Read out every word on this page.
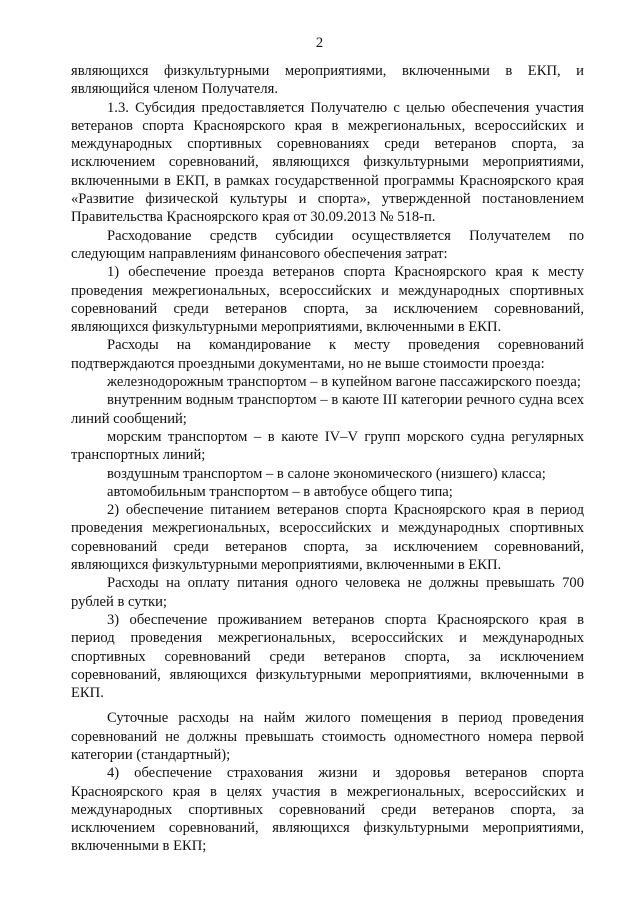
2

являющихся физкультурными мероприятиями, включенными в ЕКП, и являющийся членом Получателя.

1.3. Субсидия предоставляется Получателю с целью обеспечения участия ветеранов спорта Красноярского края в межрегиональных, всероссийских и международных спортивных соревнованиях среди ветеранов спорта, за исключением соревнований, являющихся физкультурными мероприятиями, включенными в ЕКП, в рамках государственной программы Красноярского края «Развитие физической культуры и спорта», утвержденной постановлением Правительства Красноярского края от 30.09.2013 № 518-п.

Расходование средств субсидии осуществляется Получателем по следующим направлениям финансового обеспечения затрат:

1) обеспечение проезда ветеранов спорта Красноярского края к месту проведения межрегиональных, всероссийских и международных спортивных соревнований среди ветеранов спорта, за исключением соревнований, являющихся физкультурными мероприятиями, включенными в ЕКП.

Расходы на командирование к месту проведения соревнований подтверждаются проездными документами, но не выше стоимости проезда:

железнодорожным транспортом – в купейном вагоне пассажирского поезда;

внутренним водным транспортом – в каюте III категории речного судна всех линий сообщений;

морским транспортом – в каюте IV–V групп морского судна регулярных транспортных линий;

воздушным транспортом – в салоне экономического (низшего) класса;

автомобильным транспортом – в автобусе общего типа;

2) обеспечение питанием ветеранов спорта Красноярского края в период проведения межрегиональных, всероссийских и международных спортивных соревнований среди ветеранов спорта, за исключением соревнований, являющихся физкультурными мероприятиями, включенными в ЕКП.

Расходы на оплату питания одного человека не должны превышать 700 рублей в сутки;

3) обеспечение проживанием ветеранов спорта Красноярского края в период проведения межрегиональных, всероссийских и международных спортивных соревнований среди ветеранов спорта, за исключением соревнований, являющихся физкультурными мероприятиями, включенными в ЕКП.

Суточные расходы на найм жилого помещения в период проведения соревнований не должны превышать стоимость одноместного номера первой категории (стандартный);

4) обеспечение страхования жизни и здоровья ветеранов спорта Красноярского края в целях участия в межрегиональных, всероссийских и международных спортивных соревнований среди ветеранов спорта, за исключением соревнований, являющихся физкультурными мероприятиями, включенными в ЕКП;
